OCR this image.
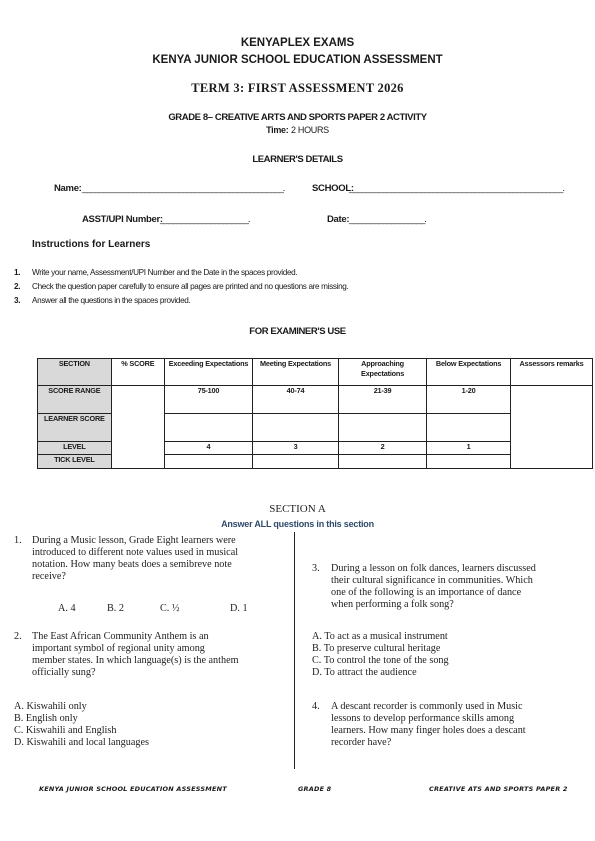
KENYAPLEX EXAMS
KENYA JUNIOR SCHOOL EDUCATION ASSESSMENT
TERM 3: FIRST ASSESSMENT 2026
GRADE 8– CREATIVE ARTS AND SPORTS PAPER 2 ACTIVITY
Time: 2 HOURS
LEARNER'S DETAILS
Name: ________________________________________________.	SCHOOL:
___________________________________________________.
ASST/UPI Number:
_____________________.	Date: __________________.
Instructions for Learners
1. Write your name, Assessment/UPI Number and the Date in the spaces provided.
2. Check the question paper carefully to ensure all pages are printed and no questions are missing.
3. Answer all the questions in the spaces provided.
FOR EXAMINER'S USE
SECTION	% SCORE	Exceeding Expectations	Meeting Expectations	Approaching Expectations	Below Expectations	Assessors remarks
SCORE RANGE		75-100	40-74	21-39	1-20	
LEARNER SCORE						
LEVEL		4	3	2	1	
TICK LEVEL						
SECTION A
Answer ALL questions in this section
1. During a Music lesson, Grade Eight learners were
introduced to different note values used in musical
notation. How many beats does a semibreve note
receive?
A. 4	B. 2	C. ½	D. 1
2. The East African Community Anthem is an
important symbol of regional unity among
member states. In which language(s) is the anthem
officially sung?
A. Kiswahili only
B. English only
C. Kiswahili and English
D. Kiswahili and local languages
3. During a lesson on folk dances, learners discussed
their cultural significance in communities. Which
one of the following is an importance of dance
when performing a folk song?
A. To act as a musical instrument
B. To preserve cultural heritage
C. To control the tone of the song
D. To attract the audience
4. A descant recorder is commonly used in Music
lessons to develop performance skills among
learners. How many finger holes does a descant
recorder have?
KENYA JUNIOR SCHOOL EDUCATION ASSESSMENT	GRADE 8	CREATIVE ATS AND SPORTS PAPER 2
